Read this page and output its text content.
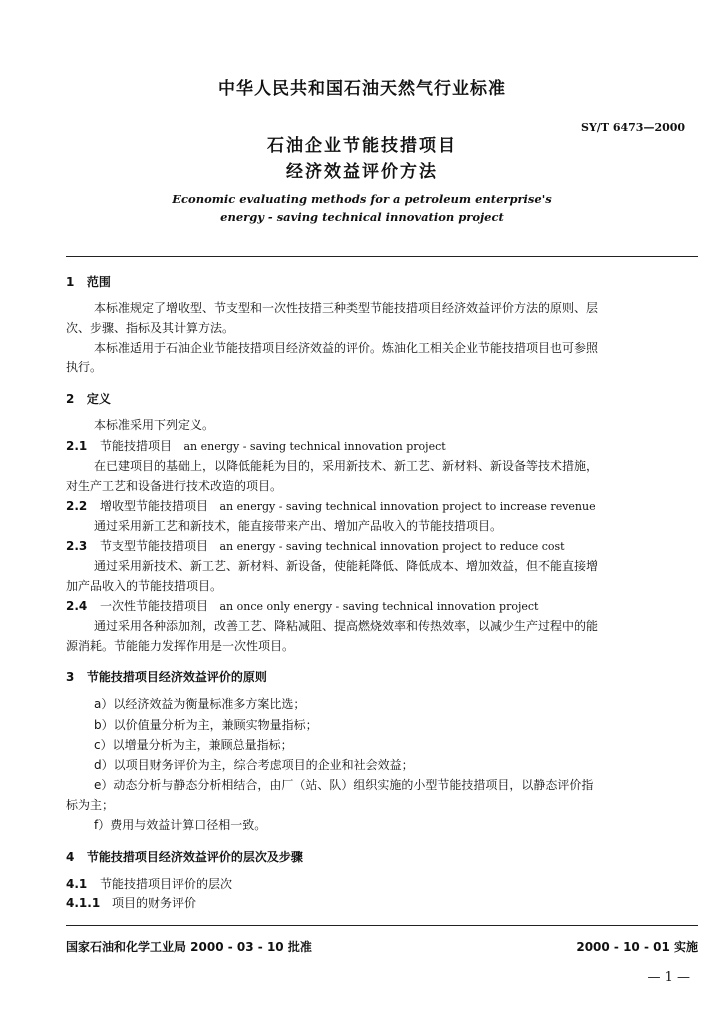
中华人民共和国石油天然气行业标准
SY/T 6473—2000
石油企业节能技措项目
经济效益评价方法
Economic evaluating methods for a petroleum enterprise's
energy - saving technical innovation project
1 范围
本标准规定了增收型、节支型和一次性技措三种类型节能技措项目经济效益评价方法的原则、层
次、步骤、指标及其计算方法。
本标准适用于石油企业节能技措项目经济效益的评价。炼油化工相关企业节能技措项目也可参照
执行。
2 定义
本标准采用下列定义。
2.1 节能技措项目 an energy - saving technical innovation project
在已建项目的基础上，以降低能耗为目的，采用新技术、新工艺、新材料、新设备等技术措施，
对生产工艺和设备进行技术改造的项目。
2.2 增收型节能技措项目 an energy - saving technical innovation project to increase revenue
通过采用新工艺和新技术，能直接带来产出、增加产品收入的节能技措项目。
2.3 节支型节能技措项目 an energy - saving technical innovation project to reduce cost
通过采用新技术、新工艺、新材料、新设备，使能耗降低、降低成本、增加效益，但不能直接增
加产品收入的节能技措项目。
2.4 一次性节能技措项目 an once only energy - saving technical innovation project
通过采用各种添加剂，改善工艺、降粘减阻、提高燃烧效率和传热效率，以减少生产过程中的能
源消耗。节能能力发挥作用是一次性项目。
3 节能技措项目经济效益评价的原则
a）以经济效益为衡量标准多方案比选；
b）以价值量分析为主，兼顾实物量指标；
c）以增量分析为主，兼顾总量指标；
d）以项目财务评价为主，综合考虑项目的企业和社会效益；
e）动态分析与静态分析相结合，由厂（站、队）组织实施的小型节能技措项目，以静态评价指
标为主；
f）费用与效益计算口径相一致。
4 节能技措项目经济效益评价的层次及步骤
4.1 节能技措项目评价的层次
4.1.1 项目的财务评价
国家石油和化学工业局 2000 - 03 - 10 批准	2000 - 10 - 01 实施
— 1 —
